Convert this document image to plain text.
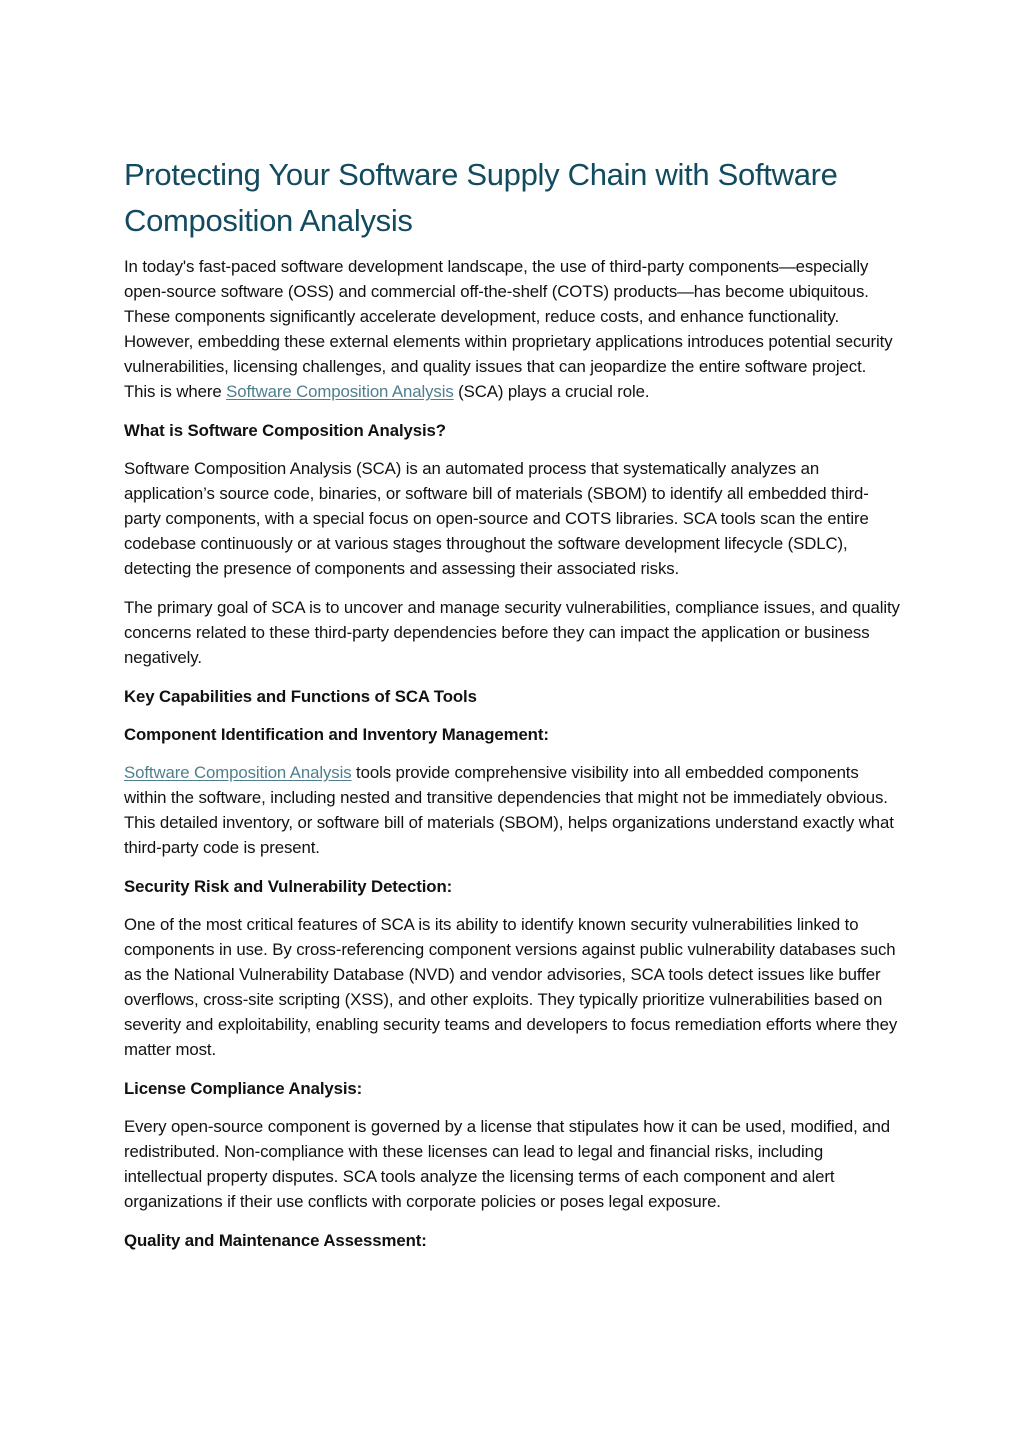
Protecting Your Software Supply Chain with Software Composition Analysis

In today's fast-paced software development landscape, the use of third-party components—especially open-source software (OSS) and commercial off-the-shelf (COTS) products—has become ubiquitous. These components significantly accelerate development, reduce costs, and enhance functionality. However, embedding these external elements within proprietary applications introduces potential security vulnerabilities, licensing challenges, and quality issues that can jeopardize the entire software project. This is where Software Composition Analysis (SCA) plays a crucial role.

What is Software Composition Analysis?

Software Composition Analysis (SCA) is an automated process that systematically analyzes an application’s source code, binaries, or software bill of materials (SBOM) to identify all embedded third-party components, with a special focus on open-source and COTS libraries. SCA tools scan the entire codebase continuously or at various stages throughout the software development lifecycle (SDLC), detecting the presence of components and assessing their associated risks.

The primary goal of SCA is to uncover and manage security vulnerabilities, compliance issues, and quality concerns related to these third-party dependencies before they can impact the application or business negatively.

Key Capabilities and Functions of SCA Tools

Component Identification and Inventory Management:

Software Composition Analysis tools provide comprehensive visibility into all embedded components within the software, including nested and transitive dependencies that might not be immediately obvious. This detailed inventory, or software bill of materials (SBOM), helps organizations understand exactly what third-party code is present.

Security Risk and Vulnerability Detection:

One of the most critical features of SCA is its ability to identify known security vulnerabilities linked to components in use. By cross-referencing component versions against public vulnerability databases such as the National Vulnerability Database (NVD) and vendor advisories, SCA tools detect issues like buffer overflows, cross-site scripting (XSS), and other exploits. They typically prioritize vulnerabilities based on severity and exploitability, enabling security teams and developers to focus remediation efforts where they matter most.

License Compliance Analysis:

Every open-source component is governed by a license that stipulates how it can be used, modified, and redistributed. Non-compliance with these licenses can lead to legal and financial risks, including intellectual property disputes. SCA tools analyze the licensing terms of each component and alert organizations if their use conflicts with corporate policies or poses legal exposure.

Quality and Maintenance Assessment:
